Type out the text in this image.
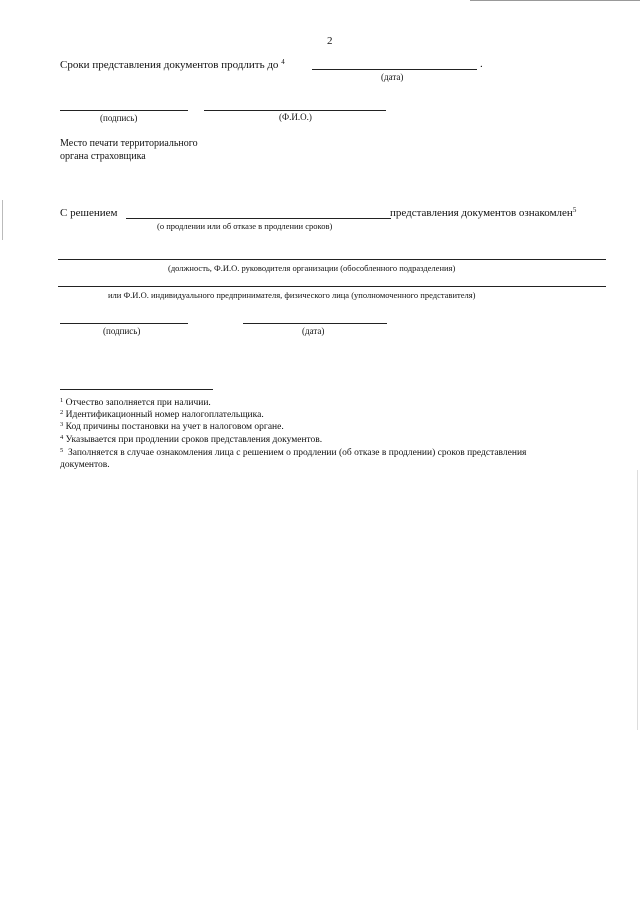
2
Сроки представления документов продлить до $^4$	.
(дата)
(подпись)	(Ф.И.О.)
Место печати территориального
органа страховщика
С решением	представления документов ознакомлен$^5$
(о продлении или об отказе в продлении сроков)
(должность, Ф.И.О. руководителя организации (обособленного подразделения)
или Ф.И.О. индивидуального предпринимателя, физического лица (уполномоченного представителя)
(подпись)	(дата)
$^1$ Отчество заполняется при наличии.
$^2$ Идентификационный номер налогоплательщика.
$^3$ Код причины постановки на учет в налоговом органе.
$^4$ Указывается при продлении сроков представления документов.
$^5$ Заполняется в случае ознакомления лица с решением о продлении (об отказе в продлении) сроков представления
документов.
